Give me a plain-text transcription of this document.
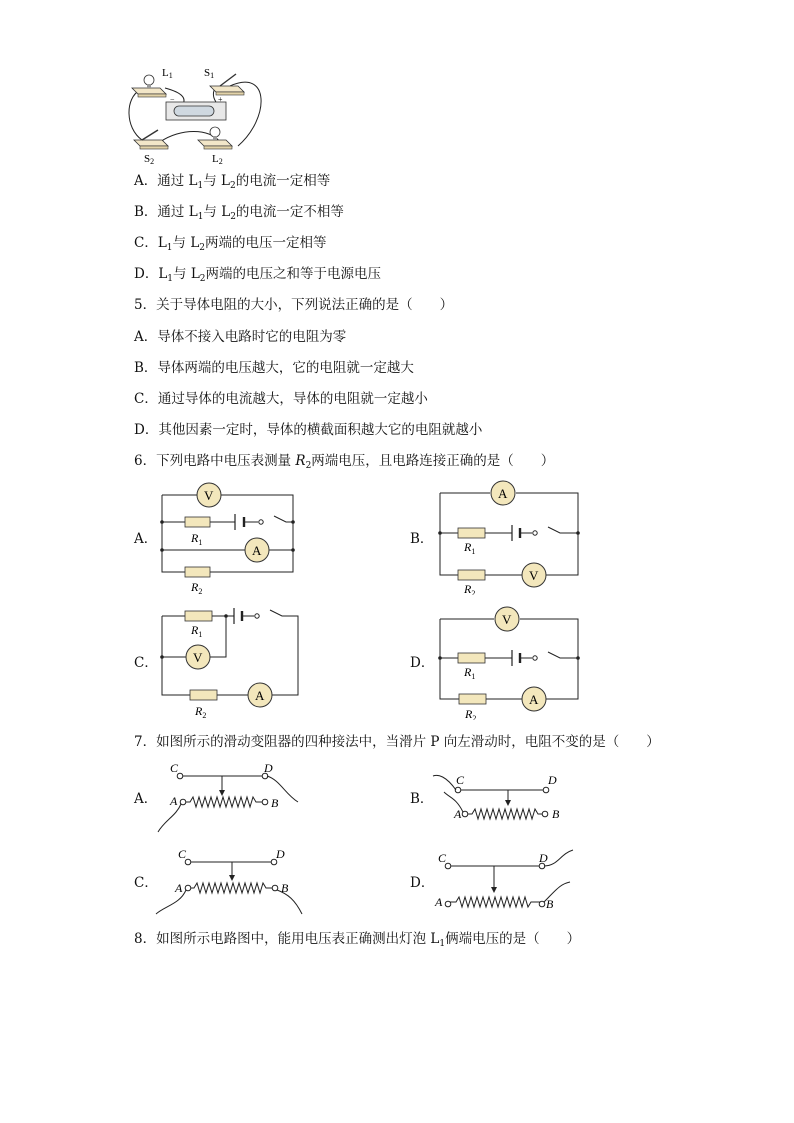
−	+
L1	S1
S2	L2
A．通过 $L_1$与 $L_2$的电流一定相等
B．通过 $L_1$与 $L_2$的电流一定不相等
C．$L_1$与 $L_2$两端的电压一定相等
D．$L_1$与 $L_2$两端的电压之和等于电源电压
5．关于导体电阻的大小，下列说法正确的是（　　）
A．导体不接入电路时它的电阻为零
B．导体两端的电压越大，它的电阻就一定越大
C．通过导体的电流越大，导体的电阻就一定越小
D．其他因素一定时，导体的横截面积越大它的电阻就越小
6．下列电路中电压表测量 $R_2$两端电压，且电路连接正确的是（　　）
A．	B．
C．	D．
V
A
$R_1$
$R_2$
A
V
$R_1$
$R_2$
V
A
$R_1$
$R_2$
V
A
$R_1$
$R_2$
7．如图所示的滑动变阻器的四种接法中，当滑片 P 向左滑动时，电阻不变的是（　　）
A．	B．
C．	D．
C	D
A	B
C	D
A	B
C	D
A	B
C	D
A	B
8．如图所示电路图中，能用电压表正确测出灯泡 $L_1$俩端电压的是（　　）
